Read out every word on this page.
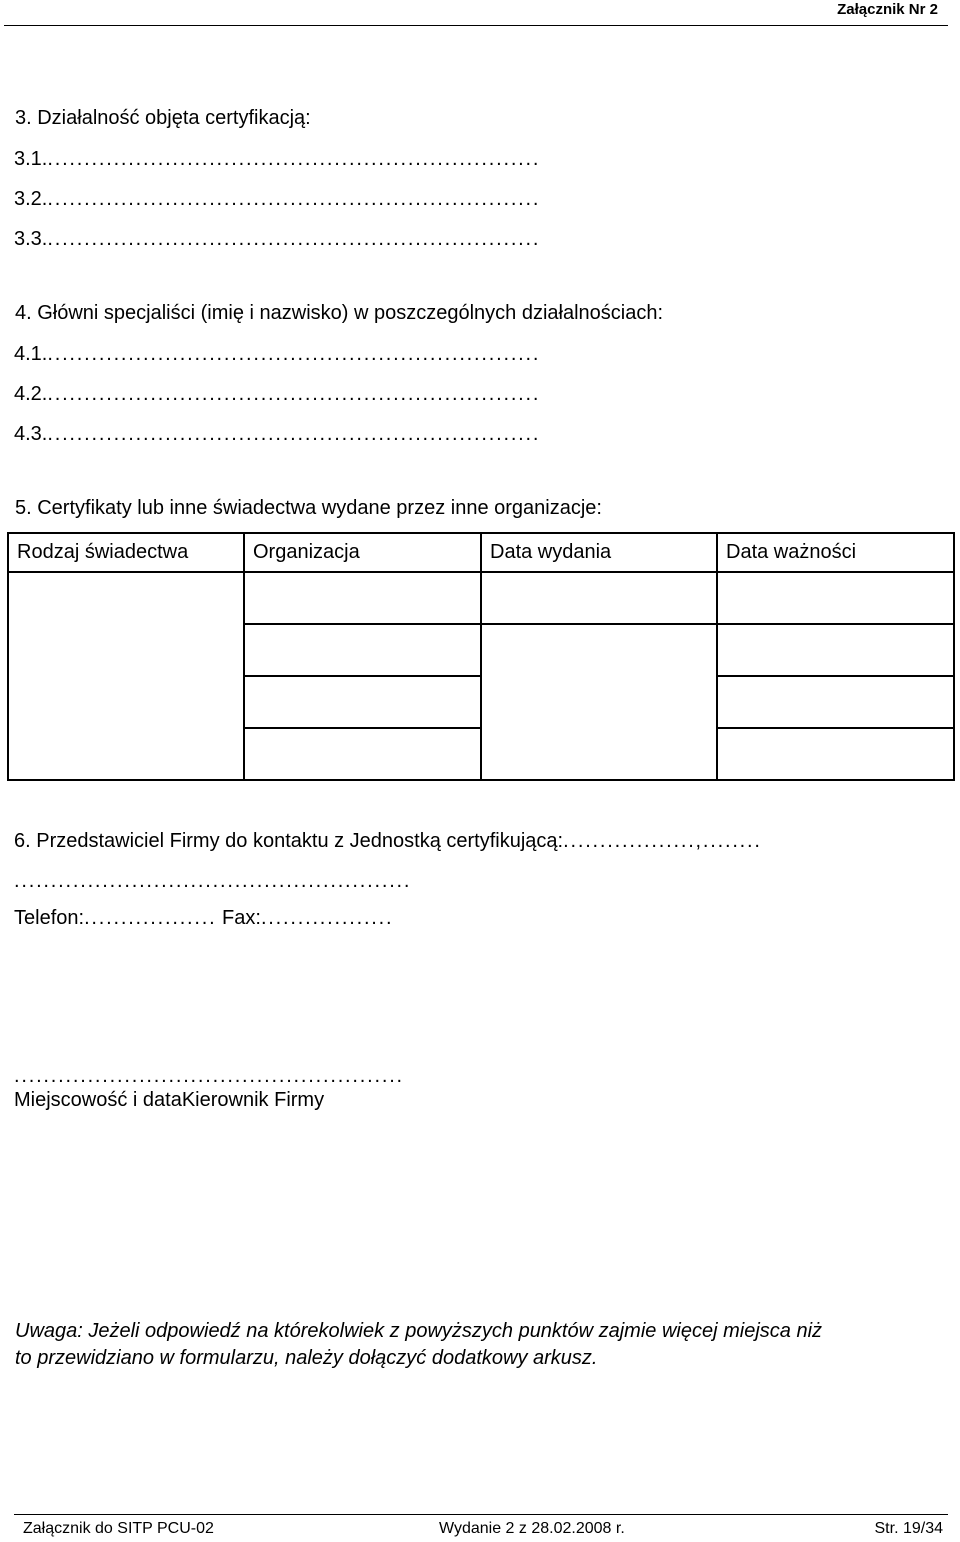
Załącznik Nr 2
3. Działalność objęta certyfikacją:
3.1....................................................................
3.2....................................................................
3.3....................................................................
4. Główni specjaliści (imię i nazwisko) w poszczególnych działalnościach:
4.1....................................................................
4.2....................................................................
4.3....................................................................
5. Certyfikaty lub inne świadectwa wydane przez inne organizacje:
Rodzaj świadectwa	Organizacja	Data wydania	Data ważności

6. Przedstawiciel Firmy do kontaktu z Jednostką certyfikującą:..................,........
......................................................
Telefon:.................. Fax:..................
.....................................................
Miejscowość i dataKierownik Firmy
Uwaga: Jeżeli odpowiedź na którekolwiek z powyższych punktów zajmie więcej miejsca niż
to przewidziano w formularzu, należy dołączyć dodatkowy arkusz.
Załącznik do SITP PCU-02	Wydanie 2 z 28.02.2008 r.	Str. 19/34
